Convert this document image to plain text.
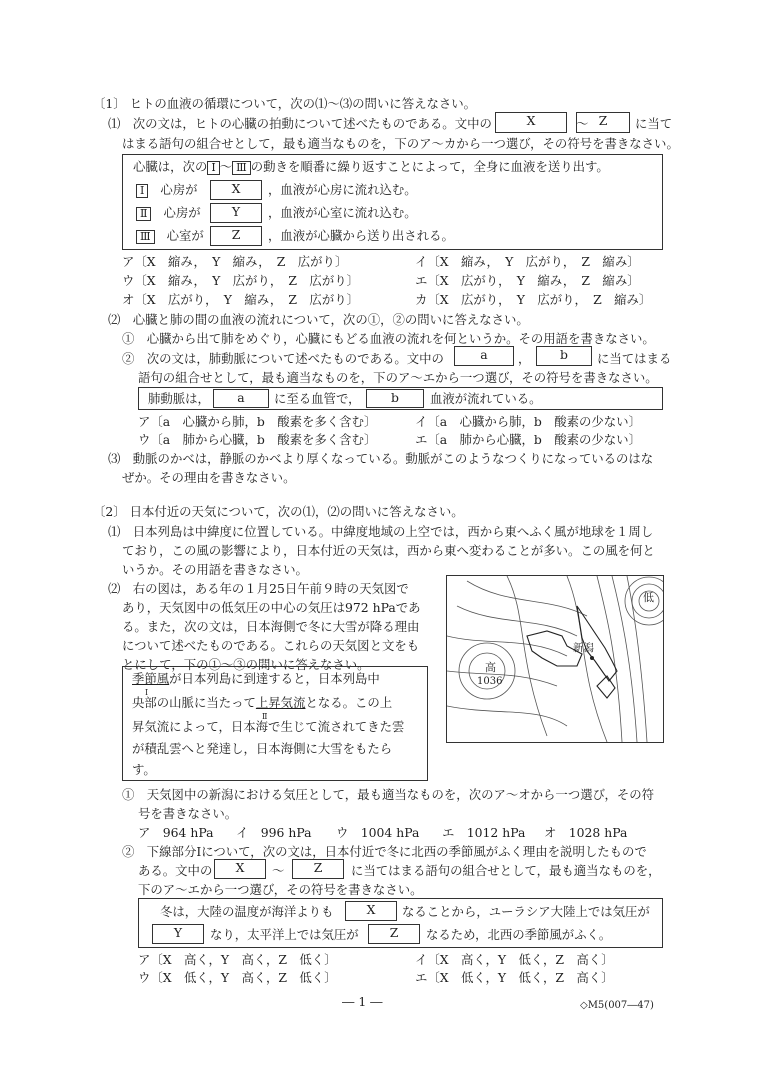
〔1〕 ヒトの血液の循環について，次の⑴〜⑶の問いに答えなさい。
⑴　次の文は，ヒトの心臓の拍動について述べたものである。文中の	X	〜 Z	に当て
はまる語句の組合せとして，最も適当なものを，下のア〜カから一つ選び，その符号を書きなさい。
心臓は，次の Ⅰ 〜 Ⅲ の動きを順番に繰り返すことによって，全身に血液を送り出す。
Ⅰ 心房が	X	，血液が心房に流れ込む。
Ⅱ 心房が	Y	，血液が心室に流れ込む。
Ⅲ 心室が	Z	，血液が心臓から送り出される。
ア〔X　縮み，　Y　縮み，　Z　広がり〕	イ〔X　縮み，　Y　広がり，　Z　縮み〕
ウ〔X　縮み，　Y　広がり，　Z　広がり〕	エ〔X　広がり，　Y　縮み，　Z　縮み〕
オ〔X　広がり，　Y　縮み，　Z　広がり〕	カ〔X　広がり，　Y　広がり，　Z　縮み〕
⑵　心臓と肺の間の血液の流れについて，次の①，②の問いに答えなさい。
①　心臓から出て肺をめぐり，心臓にもどる血液の流れを何というか。その用語を書きなさい。
②　次の文は，肺動脈について述べたものである。文中の	a	，	b	に当てはまる
語句の組合せとして，最も適当なものを，下のア〜エから一つ選び，その符号を書きなさい。
肺動脈は，	a	に至る血管で，	b	血液が流れている。
ア〔a　心臓から肺，b　酸素を多く含む〕	イ〔a　心臓から肺，b　酸素の少ない〕
ウ〔a　肺から心臓，b　酸素を多く含む〕	エ〔a　肺から心臓，b　酸素の少ない〕
⑶　動脈のかべは，静脈のかべより厚くなっている。動脈がこのようなつくりになっているのはな
ぜか。その理由を書きなさい。
〔2〕 日本付近の天気について，次の⑴，⑵の問いに答えなさい。
⑴　日本列島は中緯度に位置している。中緯度地域の上空では，西から東へふく風が地球を１周し
ており，この風の影響により，日本付近の天気は，西から東へ変わることが多い。この風を何と
いうか。その用語を書きなさい。
⑵　右の図は，ある年の１月25日午前９時の天気図で
あり，天気図中の低気圧の中心の気圧は972 hPaであ
る。また，次の文は，日本海側で冬に大雪が降る理由
について述べたものである。これらの天気図と文をも
とにして，下の①〜③の問いに答えなさい。
低
高
1036
新潟
季節風が日本列島に到達すると，日本列島中
Ⅰ
央部の山脈に当たって上昇気流となる。この上
Ⅱ
昇気流によって，日本海で生じて流されてきた雲
が積乱雲へと発達し，日本海側に大雪をもたら
す。
①　天気図中の新潟における気圧として，最も適当なものを，次のア〜オから一つ選び，その符
号を書きなさい。
ア　964 hPa イ　996 hPa ウ　1004 hPa エ　1012 hPa オ　1028 hPa
②　下線部分Ⅰについて，次の文は，日本付近で冬に北西の季節風がふく理由を説明したもので
ある。文中の	X	〜	Z	に当てはまる語句の組合せとして，最も適当なものを，
下のア〜エから一つ選び，その符号を書きなさい。
冬は，大陸の温度が海洋よりも	X	なることから，ユーラシア大陸上では気圧が
Y	なり，太平洋上では気圧が	Z	なるため，北西の季節風がふく。
ア〔X　高く，Y　高く，Z　低く〕	イ〔X　高く，Y　低く，Z　高く〕
ウ〔X　低く，Y　高く，Z　低く〕	エ〔X　低く，Y　低く，Z　高く〕
― 1 ―	◇M5(007―47)
